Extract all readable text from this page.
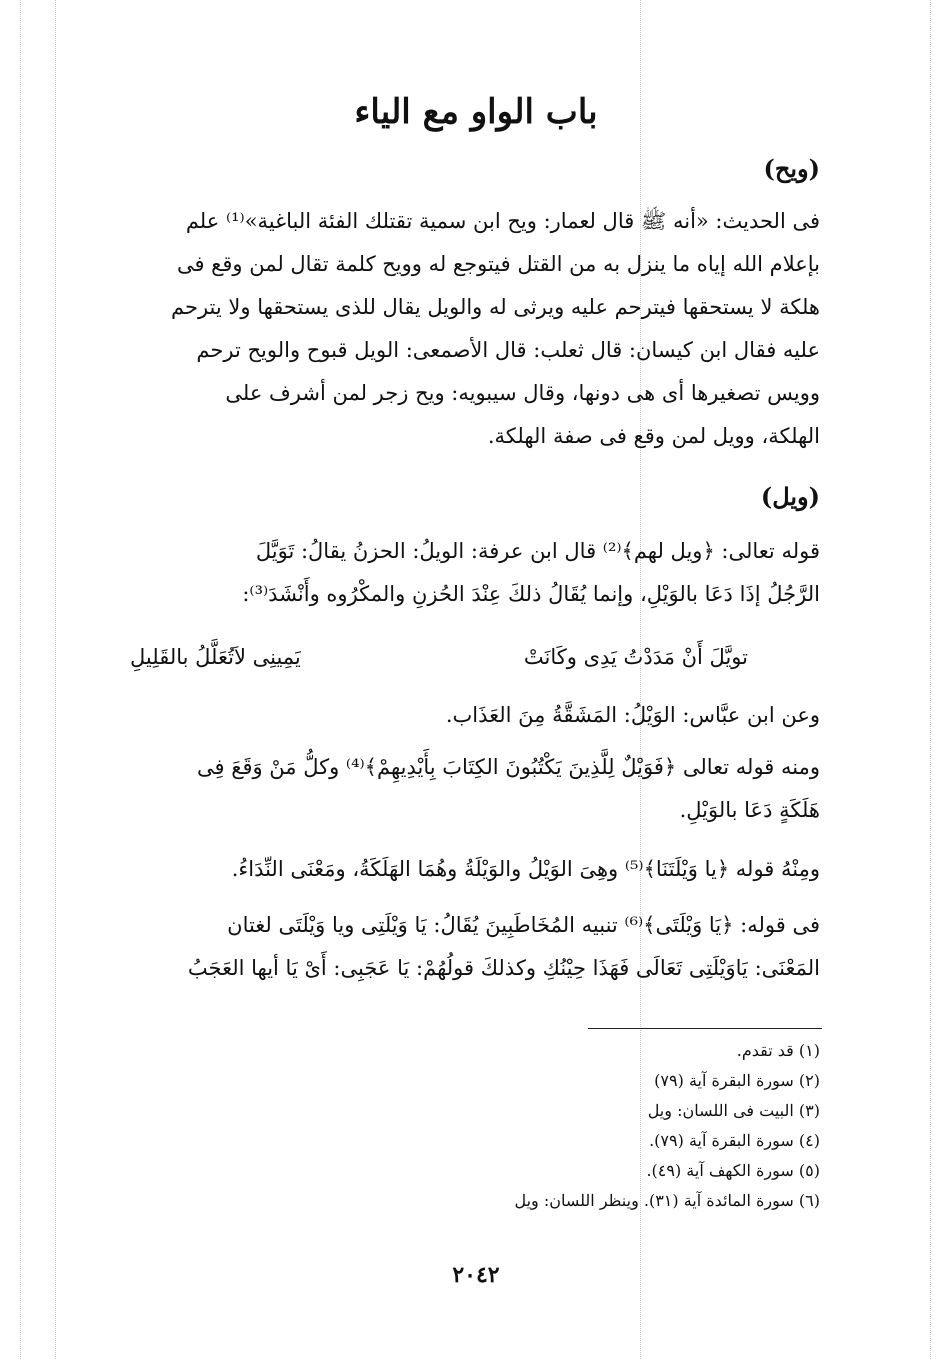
باب الواو مع الياء
(ويح)

فى الحديث: «أنه ﷺ قال لعمار: ويح ابن سمية تقتلك الفئة الباغية»⁽¹⁾ علم

بإعلام الله إياه ما ينزل به من القتل فيتوجع له وويح كلمة تقال لمن وقع فى

هلكة لا يستحقها فيترحم عليه ويرثى له والويل يقال للذى يستحقها ولا يترحم

عليه فقال ابن كيسان: قال ثعلب: قال الأصمعى: الويل قبوح والويح ترحم

وويس تصغيرها أى هى دونها، وقال سيبويه: ويح زجر لمن أشرف على

الهلكة، وويل لمن وقع فى صفة الهلكة.

(ويل)

قوله تعالى: ﴿ويل لهم﴾⁽²⁾ قال ابن عرفة: الويلُ: الحزنُ يقالُ: تَوَيَّلَ

الرَّجُلُ إذَا دَعَا بالوَيْلِ، وإنما يُقَالُ ذلكَ عِنْدَ الحُزنِ والمكْرُوه وأَنْشَدَ⁽³⁾:

تويَّلَ أَنْ مَدَدْتُ يَدِى وكَانَتْ
يَمِينِى لاَتُعَلَّلُ بالقَلِيلِ

وعن ابن عبَّاس: الوَيْلُ: المَشَقَّةُ مِنَ العَذَاب.

ومنه قوله تعالى ﴿فَوَيْلٌ لِلَّذِينَ يَكْتُبُونَ الكِتَابَ بِأَيْدِيهِمْ﴾⁽⁴⁾ وكلُّ مَنْ وَقَعَ فِى

هَلَكَةٍ دَعَا بالوَيْلِ.

ومِنْهُ قوله ﴿يا وَيْلَتَنَا﴾⁽⁵⁾ وهِىَ الوَيْلُ والوَيْلَةُ وهُمَا الهَلَكَةُ، ومَعْنَى النِّدَاءُ.

فى قوله: ﴿يَا وَيْلَتَى﴾⁽⁶⁾ تنبيه المُخَاطَبِينَ يُقَالُ: يَا وَيْلَتِى ويا وَيْلَتَى لغتان

المَعْنَى: يَاوَيْلَتِى تَعَالَى فَهَذَا حِيْنُكِ وكذلكَ قولُهُمْ: يَا عَجَبِى: أَىْ يَا أيها العَجَبُ

(١) قد تقدم.
(٢) سورة البقرة آية (٧٩)
(٣) البيت فى اللسان: ويل
(٤) سورة البقرة آية (٧٩).
(٥) سورة الكهف آية (٤٩).
(٦) سورة المائدة آية (٣١). وينظر اللسان: ويل
٢٠٤٢
